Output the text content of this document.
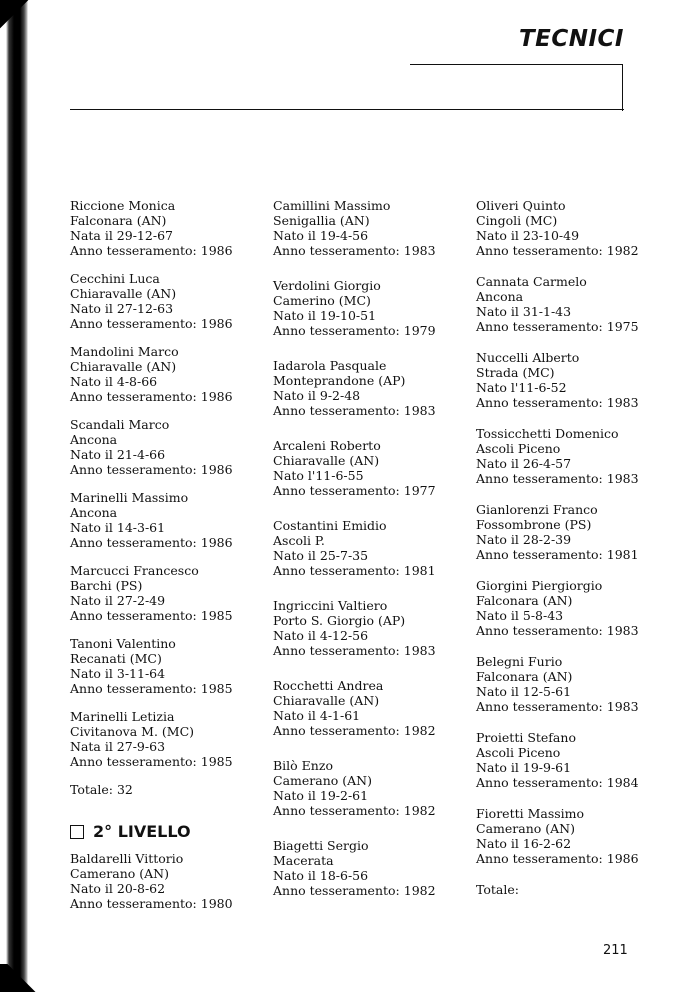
TECNICI
Riccione Monica
Falconara (AN)
Nata il 29-12-67
Anno tesseramento: 1986
Cecchini Luca
Chiaravalle (AN)
Nato il 27-12-63
Anno tesseramento: 1986
Mandolini Marco
Chiaravalle (AN)
Nato il 4-8-66
Anno tesseramento: 1986
Scandali Marco
Ancona
Nato il 21-4-66
Anno tesseramento: 1986
Marinelli Massimo
Ancona
Nato il 14-3-61
Anno tesseramento: 1986
Marcucci Francesco
Barchi (PS)
Nato il 27-2-49
Anno tesseramento: 1985
Tanoni Valentino
Recanati (MC)
Nato il 3-11-64
Anno tesseramento: 1985
Marinelli Letizia
Civitanova M. (MC)
Nata il 27-9-63
Anno tesseramento: 1985
Totale: 32
2° LIVELLO
Baldarelli Vittorio
Camerano (AN)
Nato il 20-8-62
Anno tesseramento: 1980
Camillini Massimo
Senigallia (AN)
Nato il 19-4-56
Anno tesseramento: 1983
Verdolini Giorgio
Camerino (MC)
Nato il 19-10-51
Anno tesseramento: 1979
Iadarola Pasquale
Monteprandone (AP)
Nato il 9-2-48
Anno tesseramento: 1983
Arcaleni Roberto
Chiaravalle (AN)
Nato l'11-6-55
Anno tesseramento: 1977
Costantini Emidio
Ascoli P.
Nato il 25-7-35
Anno tesseramento: 1981
Ingriccini Valtiero
Porto S. Giorgio (AP)
Nato il 4-12-56
Anno tesseramento: 1983
Rocchetti Andrea
Chiaravalle (AN)
Nato il 4-1-61
Anno tesseramento: 1982
Bilò Enzo
Camerano (AN)
Nato il 19-2-61
Anno tesseramento: 1982
Biagetti Sergio
Macerata
Nato il 18-6-56
Anno tesseramento: 1982
Oliveri Quinto
Cingoli (MC)
Nato il 23-10-49
Anno tesseramento: 1982
Cannata Carmelo
Ancona
Nato il 31-1-43
Anno tesseramento: 1975
Nuccelli Alberto
Strada (MC)
Nato l'11-6-52
Anno tesseramento: 1983
Tossicchetti Domenico
Ascoli Piceno
Nato il 26-4-57
Anno tesseramento: 1983
Gianlorenzi Franco
Fossombrone (PS)
Nato il 28-2-39
Anno tesseramento: 1981
Giorgini Piergiorgio
Falconara (AN)
Nato il 5-8-43
Anno tesseramento: 1983
Belegni Furio
Falconara (AN)
Nato il 12-5-61
Anno tesseramento: 1983
Proietti Stefano
Ascoli Piceno
Nato il 19-9-61
Anno tesseramento: 1984
Fioretti Massimo
Camerano (AN)
Nato il 16-2-62
Anno tesseramento: 1986
Totale:
211
